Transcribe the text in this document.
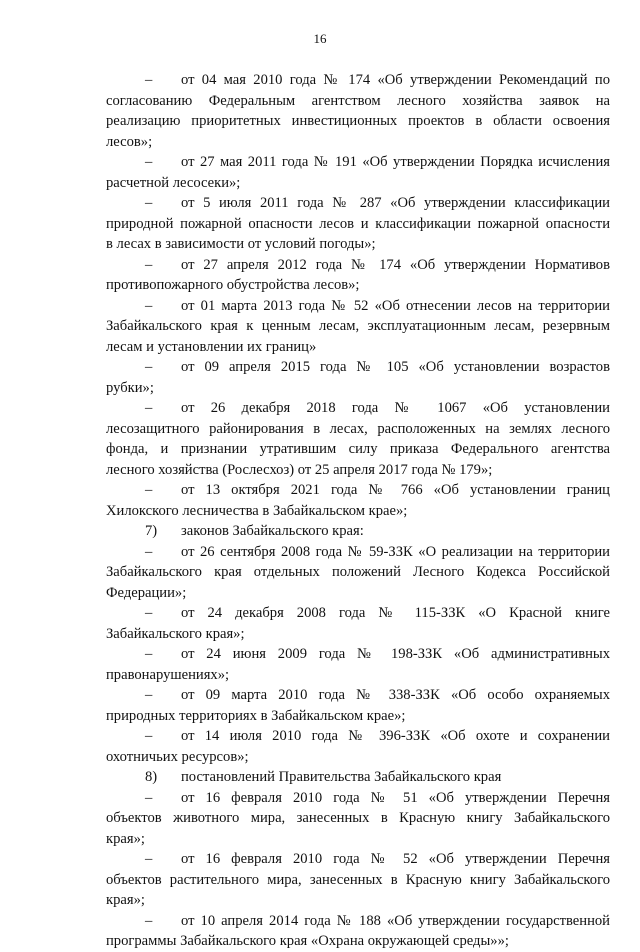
16

– от 04 мая 2010 года № 174 «Об утверждении Рекомендаций по
согласованию Федеральным агентством лесного хозяйства заявок на
реализацию приоритетных инвестиционных проектов в области освоения
лесов»;

– от 27 мая 2011 года № 191 «Об утверждении Порядка исчисления
расчетной лесосеки»;

– от 5 июля 2011 года № 287 «Об утверждении классификации
природной пожарной опасности лесов и классификации пожарной опасности
в лесах в зависимости от условий погоды»;

– от 27 апреля 2012 года № 174 «Об утверждении Нормативов
противопожарного обустройства лесов»;

– от 01 марта 2013 года № 52 «Об отнесении лесов на территории
Забайкальского края к ценным лесам, эксплуатационным лесам, резервным
лесам и установлении их границ»

– от 09 апреля 2015 года № 105 «Об установлении возрастов
рубки»;

– от 26 декабря 2018 года № 1067 «Об установлении
лесозащитного районирования в лесах, расположенных на землях лесного
фонда, и признании утратившим силу приказа Федерального агентства
лесного хозяйства (Рослесхоз) от 25 апреля 2017 года № 179»;

– от 13 октября 2021 года № 766 «Об установлении границ
Хилокского лесничества в Забайкальском крае»;

7) законов Забайкальского края:

– от 26 сентября 2008 года № 59-ЗЗК «О реализации на территории
Забайкальского края отдельных положений Лесного Кодекса Российской
Федерации»;

– от 24 декабря 2008 года № 115-ЗЗК «О Красной книге
Забайкальского края»;

– от 24 июня 2009 года № 198-ЗЗК «Об административных
правонарушениях»;

– от 09 марта 2010 года № 338-ЗЗК «Об особо охраняемых
природных территориях в Забайкальском крае»;

– от 14 июля 2010 года № 396-ЗЗК «Об охоте и сохранении
охотничьих ресурсов»;

8) постановлений Правительства Забайкальского края

– от 16 февраля 2010 года № 51 «Об утверждении Перечня
объектов животного мира, занесенных в Красную книгу Забайкальского
края»;

– от 16 февраля 2010 года № 52 «Об утверждении Перечня
объектов растительного мира, занесенных в Красную книгу Забайкальского
края»;

– от 10 апреля 2014 года № 188 «Об утверждении государственной
программы Забайкальского края «Охрана окружающей среды»»;
